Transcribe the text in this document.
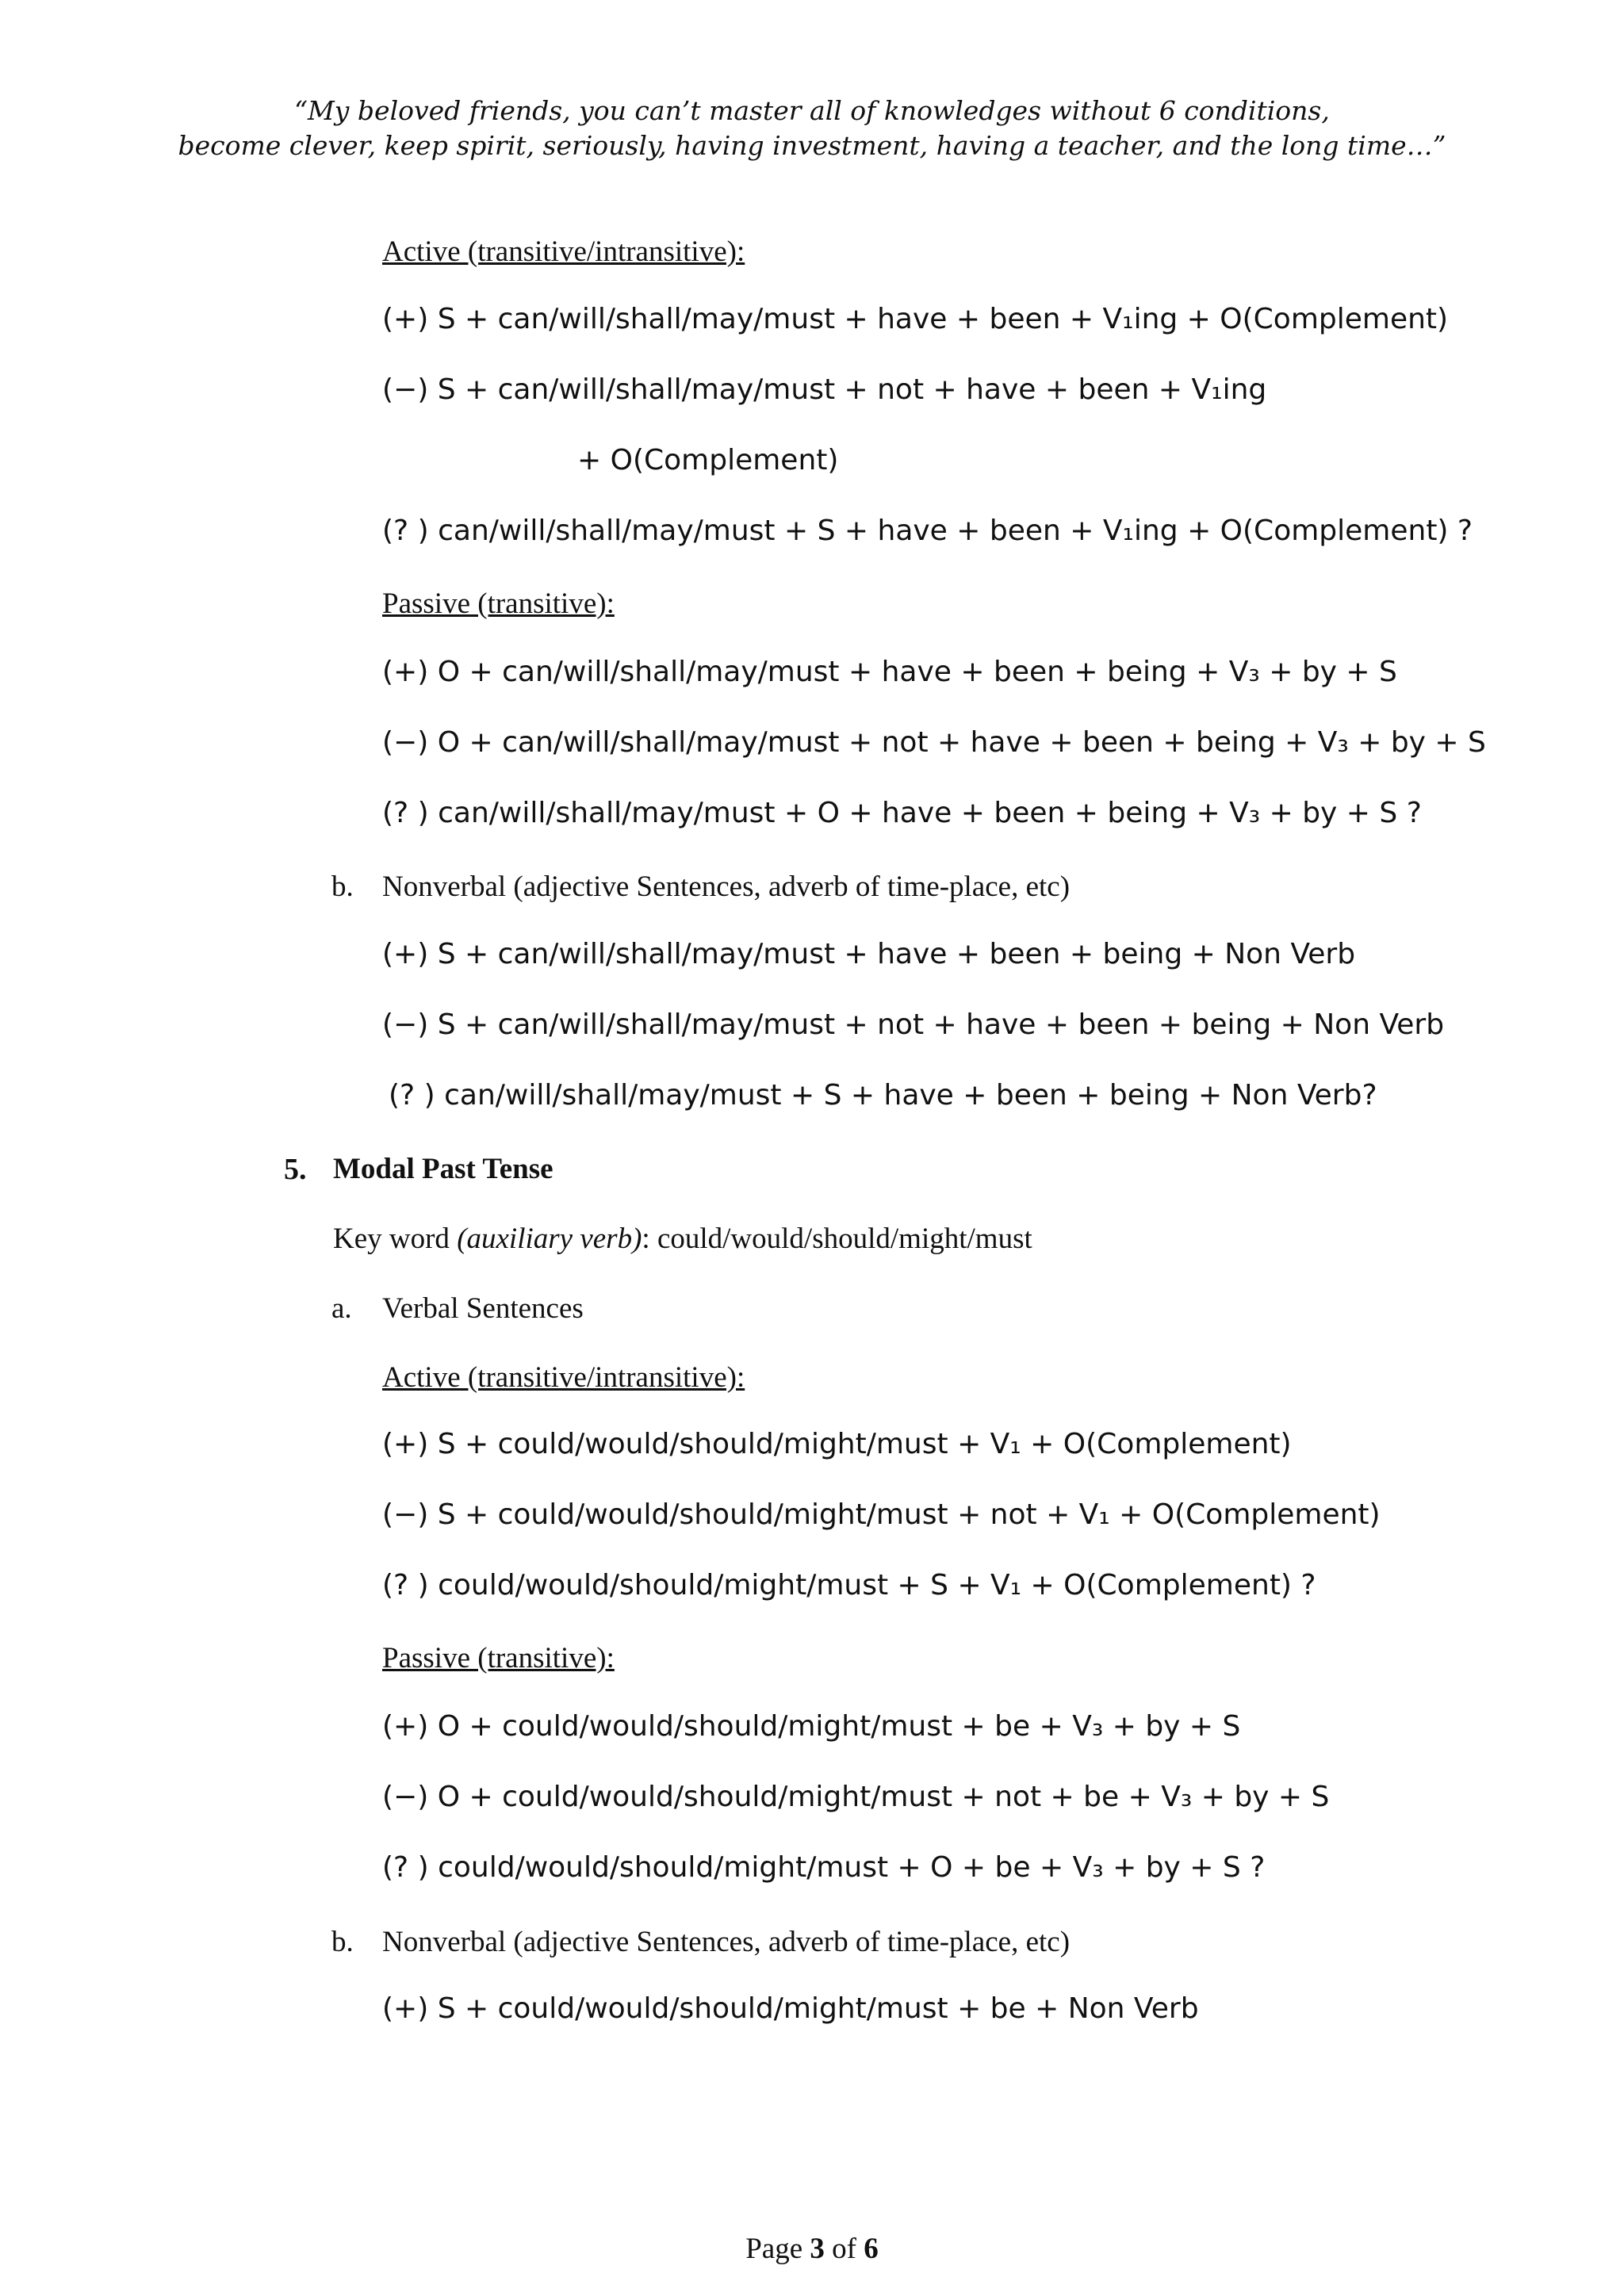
“My beloved friends, you can’t master all of knowledges without 6 conditions,
become clever, keep spirit, seriously, having investment, having a teacher, and the long time…”
Active (transitive/intransitive):
(+) S + can/will/shall/may/must + have + been + V₁ing + O(Complement)
(−) S + can/will/shall/may/must + not + have + been + V₁ing
+ O(Complement)
(? ) can/will/shall/may/must + S + have + been + V₁ing + O(Complement) ?
Passive (transitive):
(+) O + can/will/shall/may/must + have + been + being + V₃ + by + S
(−) O + can/will/shall/may/must + not + have + been + being + V₃ + by + S
(? ) can/will/shall/may/must + O + have + been + being + V₃ + by + S ?
b. Nonverbal (adjective Sentences, adverb of time-place, etc)
(+) S + can/will/shall/may/must + have + been + being + Non Verb
(−) S + can/will/shall/may/must + not + have + been + being + Non Verb
(? ) can/will/shall/may/must + S + have + been + being + Non Verb?
5. Modal Past Tense
Key word (auxiliary verb): could/would/should/might/must
a. Verbal Sentences
Active (transitive/intransitive):
(+) S + could/would/should/might/must + V₁ + O(Complement)
(−) S + could/would/should/might/must + not + V₁ + O(Complement)
(? ) could/would/should/might/must + S + V₁ + O(Complement) ?
Passive (transitive):
(+) O + could/would/should/might/must + be + V₃ + by + S
(−) O + could/would/should/might/must + not + be + V₃ + by + S
(? ) could/would/should/might/must + O + be + V₃ + by + S ?
b. Nonverbal (adjective Sentences, adverb of time-place, etc)
(+) S + could/would/should/might/must + be + Non Verb
Page 3 of 6
